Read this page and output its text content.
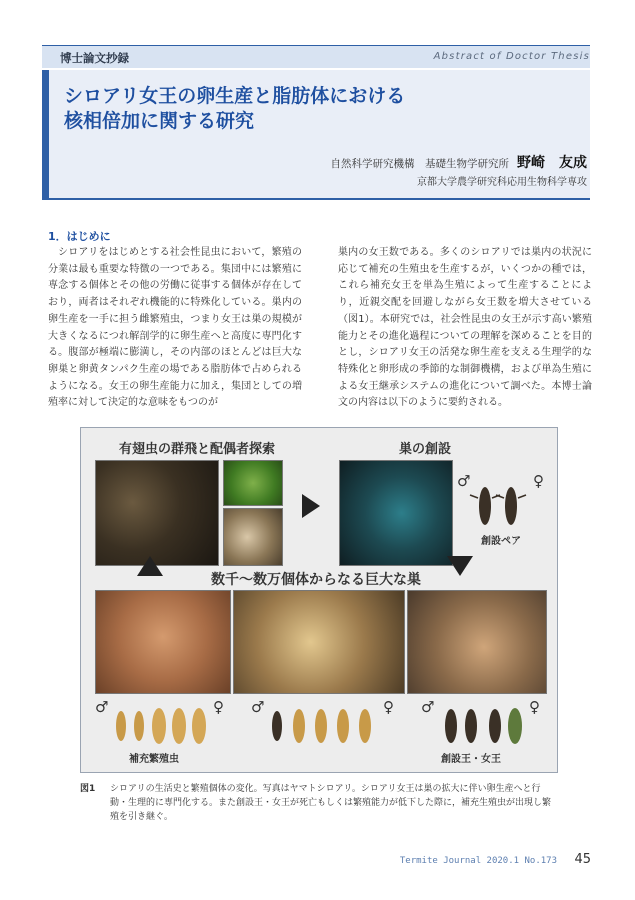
博士論文抄録	Abstract of Doctor Thesis
シロアリ女王の卵生産と脂肪体における
核相倍加に関する研究
自然科学研究機構　基礎生物学研究所 野崎　友成
京都大学農学研究科応用生物科学専攻
1．はじめに
シロアリをはじめとする社会性昆虫において，繁殖の分業は最も重要な特徴の一つである。集団中には繁殖に専念する個体とその他の労働に従事する個体が存在しており，両者はそれぞれ機能的に特殊化している。巣内の卵生産を一手に担う雌繁殖虫，つまり女王は巣の規模が大きくなるにつれ解剖学的に卵生産へと高度に専門化する。腹部が極端に膨満し，その内部のほとんどは巨大な卵巣と卵黄タンパク生産の場である脂肪体で占められるようになる。女王の卵生産能力に加え，集団としての増殖率に対して決定的な意味をもつのが
巣内の女王数である。多くのシロアリでは巣内の状況に応じて補充の生殖虫を生産するが，いくつかの種では，これら補充女王を単為生殖によって生産することにより，近親交配を回避しながら女王数を増大させている（図1）。本研究では，社会性昆虫の女王が示す高い繁殖能力とその進化過程についての理解を深めることを目的とし，シロアリ女王の活発な卵生産を支える生理学的な特殊化と卵形成の季節的な制御機構，および単為生殖による女王継承システムの進化について調べた。本博士論文の内容は以下のように要約される。
有翅虫の群飛と配偶者探索	巣の創設
♂	♀
創設ペア
数千～数万個体からなる巨大な巣
♂	♀
補充繁殖虫
♂	♀ ♂	♀
創設王・女王
図1 シロアリの生活史と繁殖個体の変化。写真はヤマトシロアリ。シロアリ女王は巣の拡大に伴い卵生産へと行動・生理的に専門化する。また創設王・女王が死亡もしくは繁殖能力が低下した際に，補充生殖虫が出現し繁殖を引き継ぐ。
Termite Journal 2020.1 No.173 45
